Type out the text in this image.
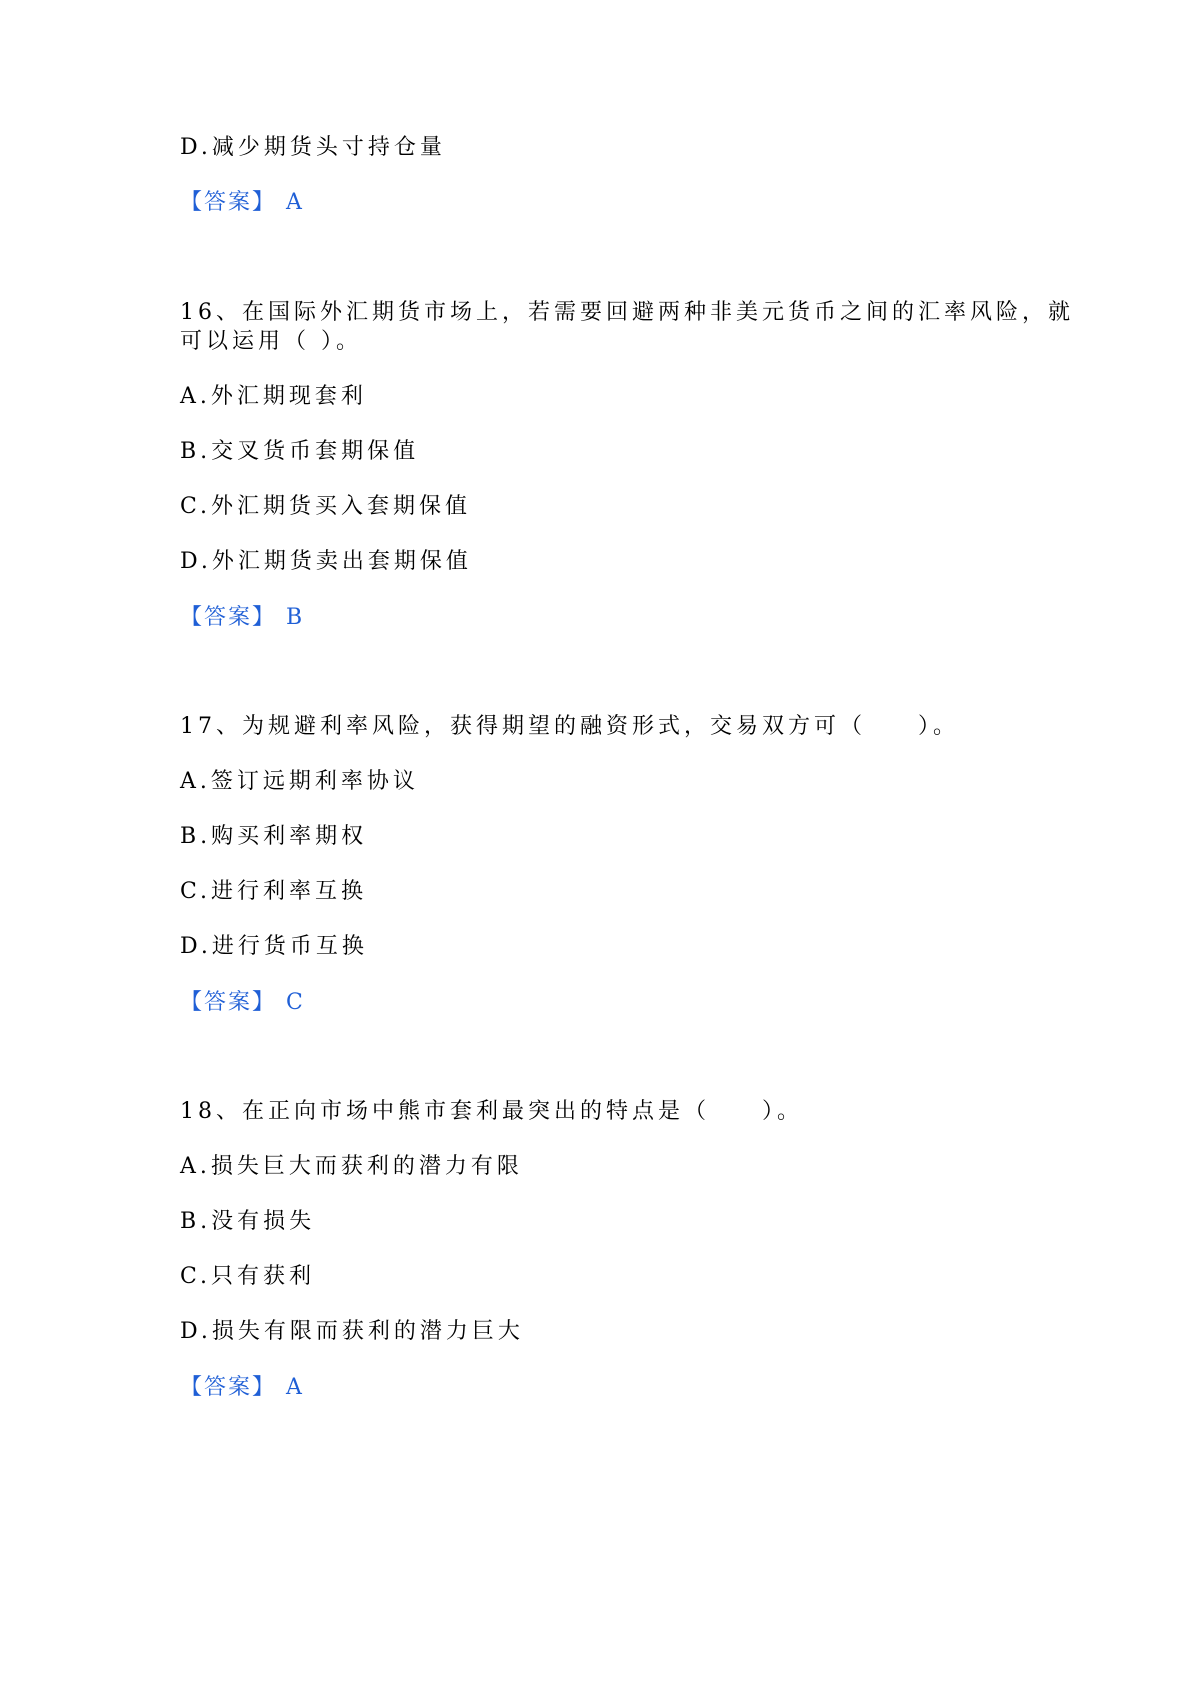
D.减少期货头寸持仓量
【答案】 A
16、在国际外汇期货市场上，若需要回避两种非美元货币之间的汇率风险，就
可以运用（ ）。
A.外汇期现套利
B.交叉货币套期保值
C.外汇期货买入套期保值
D.外汇期货卖出套期保值
【答案】 B
17、为规避利率风险，获得期望的融资形式，交易双方可（　　）。
A.签订远期利率协议
B.购买利率期权
C.进行利率互换
D.进行货币互换
【答案】 C
18、在正向市场中熊市套利最突出的特点是（　　）。
A.损失巨大而获利的潜力有限
B.没有损失
C.只有获利
D.损失有限而获利的潜力巨大
【答案】 A
